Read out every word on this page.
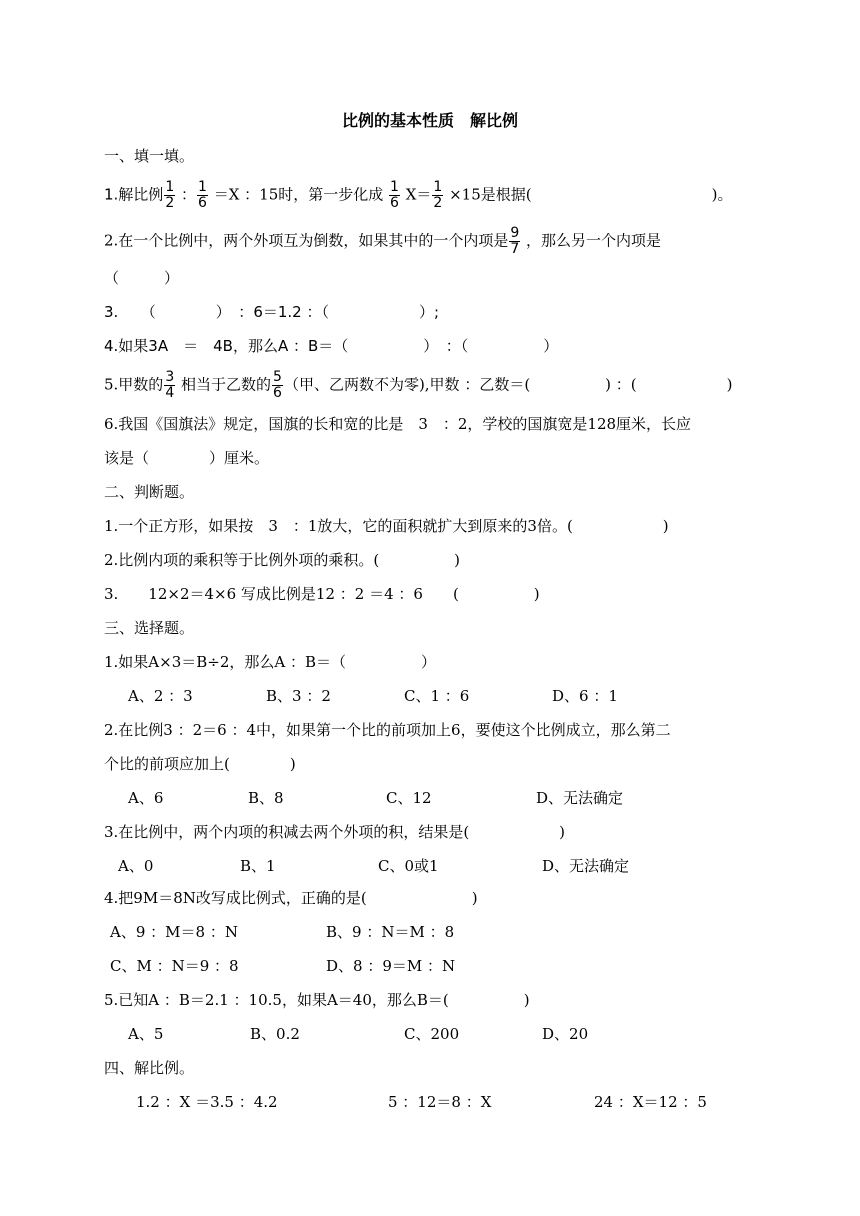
比例的基本性质　解比例
一、填一填。
1.解比例 $\frac{1}{2}$ ： $\frac{1}{6} =X$ ：15时，第一步化成 $\frac{1}{6} X= \frac{1}{2} \times 15$是根据(　　　　　　　　　　　　)。
2.在一个比例中，两个外项互为倒数，如果其中的一个内项是 $\frac{9}{7}$ ，那么另一个内项是
（　　　）
3.　　（　　　　）　：6＝1.2 ：（　　　　　　）;
4.如果3A　＝　4B，那么A ：B＝（　　　　　）　：（　　　　　）
5.甲数的 $\frac{3}{4}$ 相当于乙数的 $\frac{5}{6}$ （甲、乙两数不为零),甲数 ：乙数＝(　　　　　) ：(　　　　　　)
6.我国《国旗法》规定，国旗的长和宽的比是　3　：2，学校的国旗宽是128厘米，长应
该是（　　　　）厘米。
二、判断题。
1.一个正方形，如果按　3　：1放大，它的面积就扩大到原来的3倍。(　　　　　　)
2.比例内项的乘积等于比例外项的乘积。(　　　　　)
3.　　12×2＝4×6 写成比例是12 ：2 ＝4 ：6　　(　　　　　)
三、选择题。
1.如果A×3＝B÷2，那么A ：B＝（　　　　　）
A、2 ：3	B、3 ：2	C、1 ：6	D、6 ：1
2.在比例3 ：2＝6 ：4中，如果第一个比的前项加上6，要使这个比例成立，那么第二
个比的前项应加上(　　　　)
A、6	B、8	C、12	D、无法确定
3.在比例中，两个内项的积减去两个外项的积，结果是(　　　　　　)
A、0	B、1	C、0或1	D、无法确定
4.把9M＝8N改写成比例式，正确的是(　　　　　　　)
A、9 ：M＝8 ：N	B、9 ：N＝M ：8
C、M ：N＝9 ：8	D、8 ：9＝M ：N
5.已知A ：B＝2.1 ：10.5，如果A＝40，那么B＝(　　　　　)
A、5	B、0.2	C、200	D、20
四、解比例。
1.2 ：X ＝3.5 ：4.2	5 ：12＝8 ：X	24 ：X＝12 ：5
